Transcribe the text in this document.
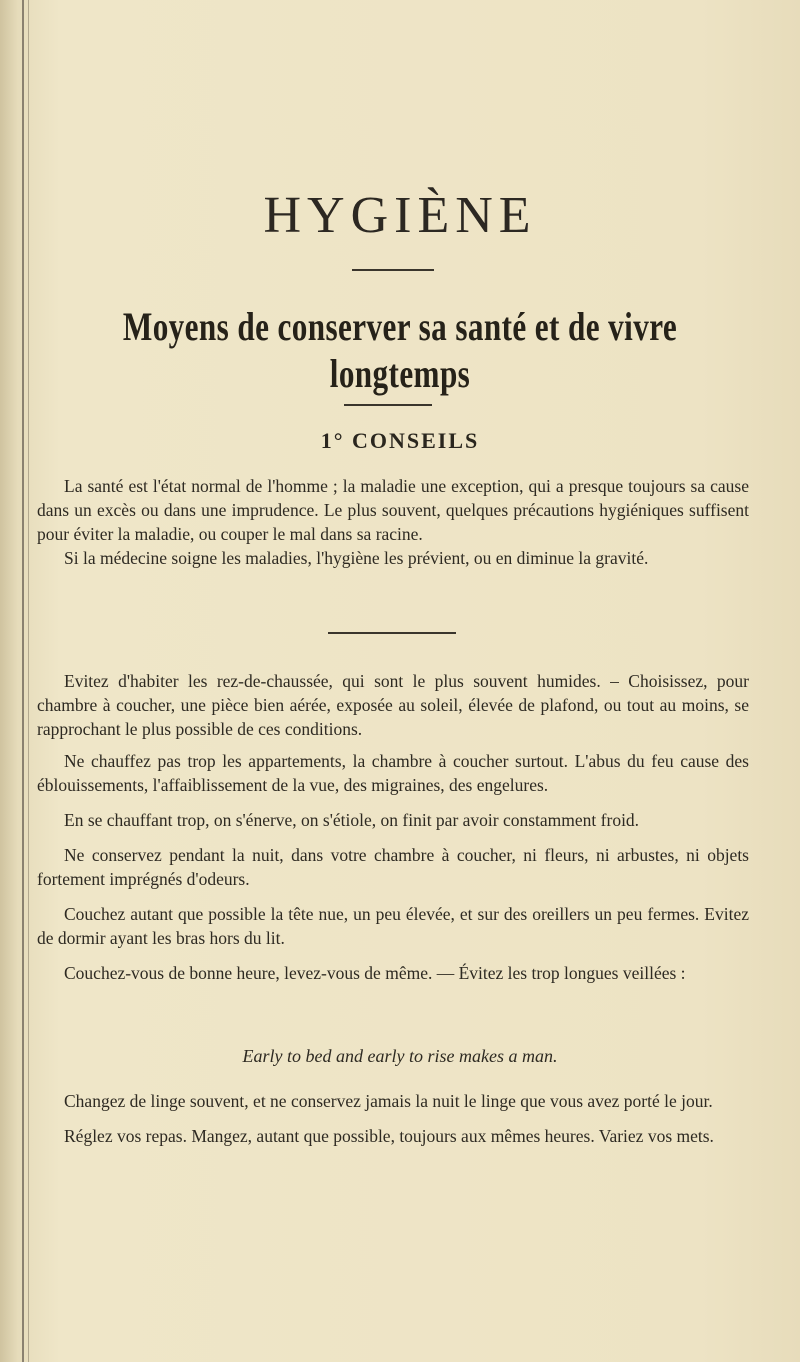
HYGIÈNE
Moyens de conserver sa santé et de vivre longtemps
1° CONSEILS

La santé est l'état normal de l'homme ; la maladie une exception, qui a presque toujours sa cause dans un excès ou dans une imprudence. Le plus souvent, quelques précautions hygiéniques suffisent pour éviter la maladie, ou couper le mal dans sa racine.

Si la médecine soigne les maladies, l'hygiène les prévient, ou en diminue la gravité.

Evitez d'habiter les rez-de-chaussée, qui sont le plus souvent humides. – Choisissez, pour chambre à coucher, une pièce bien aérée, exposée au soleil, élevée de plafond, ou tout au moins, se rapprochant le plus possible de ces conditions.

Ne chauffez pas trop les appartements, la chambre à coucher surtout. L'abus du feu cause des éblouissements, l'affaiblissement de la vue, des migraines, des engelures.

En se chauffant trop, on s'énerve, on s'étiole, on finit par avoir constamment froid.

Ne conservez pendant la nuit, dans votre chambre à coucher, ni fleurs, ni arbustes, ni objets fortement imprégnés d'odeurs.

Couchez autant que possible la tête nue, un peu élevée, et sur des oreillers un peu fermes. Evitez de dormir ayant les bras hors du lit.

Couchez-vous de bonne heure, levez-vous de même. — Évitez les trop longues veillées :

Early to bed and early to rise makes a man.

Changez de linge souvent, et ne conservez jamais la nuit le linge que vous avez porté le jour.

Réglez vos repas. Mangez, autant que possible, toujours aux mêmes heures. Variez vos mets.
